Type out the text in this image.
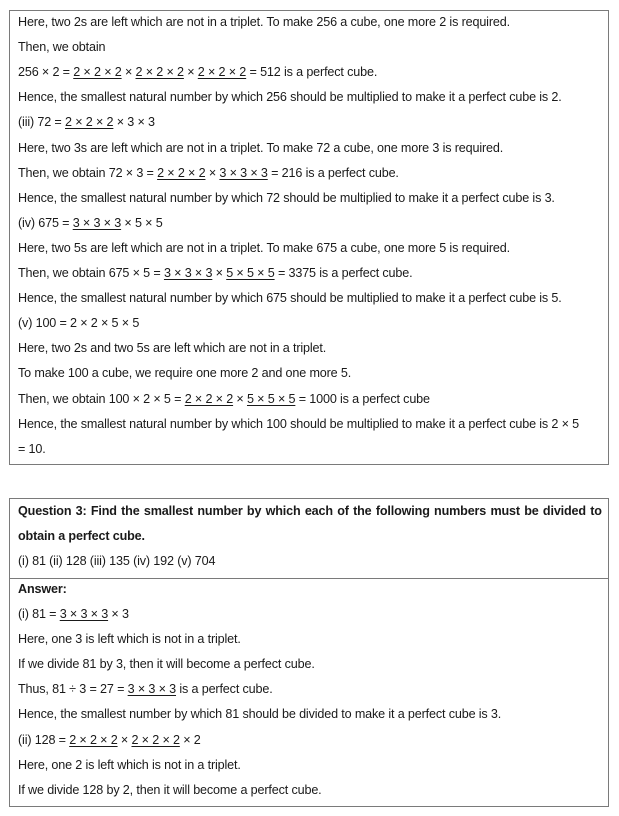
Here, two 2s are left which are not in a triplet. To make 256 a cube, one more 2 is required.
Then, we obtain
256 × 2 = 2 × 2 × 2 × 2 × 2 × 2 × 2 × 2 × 2 = 512 is a perfect cube.
Hence, the smallest natural number by which 256 should be multiplied to make it a perfect cube is 2.
(iii) 72 = 2 × 2 × 2 × 3 × 3
Here, two 3s are left which are not in a triplet. To make 72 a cube, one more 3 is required.
Then, we obtain 72 × 3 = 2 × 2 × 2 × 3 × 3 × 3 = 216 is a perfect cube.
Hence, the smallest natural number by which 72 should be multiplied to make it a perfect cube is 3.
(iv) 675 = 3 × 3 × 3 × 5 × 5
Here, two 5s are left which are not in a triplet. To make 675 a cube, one more 5 is required.
Then, we obtain 675 × 5 = 3 × 3 × 3 × 5 × 5 × 5 = 3375 is a perfect cube.
Hence, the smallest natural number by which 675 should be multiplied to make it a perfect cube is 5.
(v) 100 = 2 × 2 × 5 × 5
Here, two 2s and two 5s are left which are not in a triplet.
To make 100 a cube, we require one more 2 and one more 5.
Then, we obtain 100 × 2 × 5 = 2 × 2 × 2 × 5 × 5 × 5 = 1000 is a perfect cube
Hence, the smallest natural number by which 100 should be multiplied to make it a perfect cube is 2 × 5
= 10.
Question 3: Find the smallest number by which each of the following numbers must be divided to
obtain a perfect cube.
(i) 81 (ii) 128 (iii) 135 (iv) 192 (v) 704
Answer:
(i) 81 = 3 × 3 × 3 × 3
Here, one 3 is left which is not in a triplet.
If we divide 81 by 3, then it will become a perfect cube.
Thus, 81 ÷ 3 = 27 = 3 × 3 × 3 is a perfect cube.
Hence, the smallest number by which 81 should be divided to make it a perfect cube is 3.
(ii) 128 = 2 × 2 × 2 × 2 × 2 × 2 × 2
Here, one 2 is left which is not in a triplet.
If we divide 128 by 2, then it will become a perfect cube.
